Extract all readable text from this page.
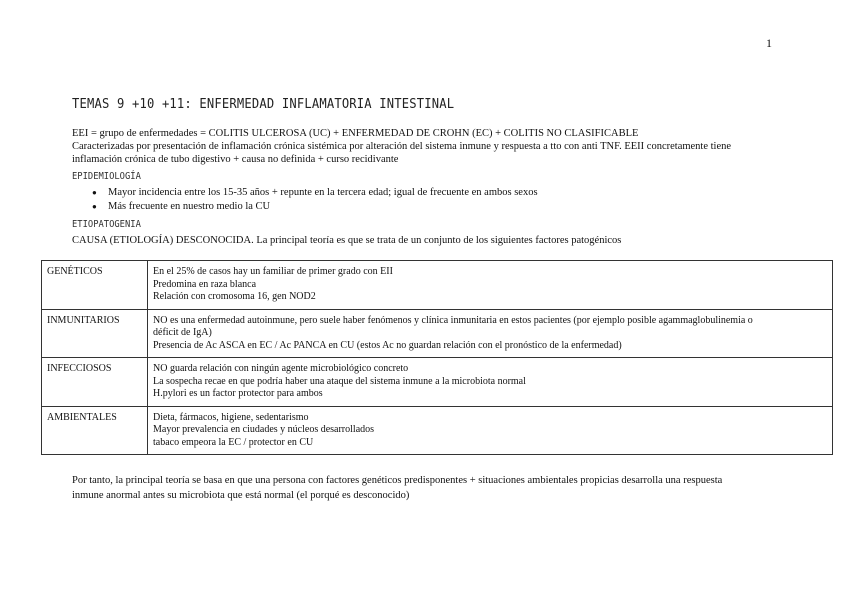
1
TEMAS 9 +10 +11: ENFERMEDAD INFLAMATORIA INTESTINAL

EEI = grupo de enfermedades = COLITIS ULCEROSA (UC) + ENFERMEDAD DE CROHN (EC) + COLITIS NO CLASIFICABLE

Caracterizadas por presentación de inflamación crónica sistémica por alteración del sistema inmune y respuesta a tto con anti TNF. EEII concretamente tiene

inflamación crónica de tubo digestivo + causa no definida + curso recidivante

EPIDEMIOLOGÍA
● Mayor incidencia entre los 15-35 años + repunte en la tercera edad; igual de frecuente en ambos sexos
● Más frecuente en nuestro medio la CU
ETIOPATOGENIA

CAUSA (ETIOLOGÍA) DESCONOCIDA. La principal teoría es que se trata de un conjunto de los siguientes factores patogénicos

GENÉTICOS	En el 25% de casos hay un familiar de primer grado con EII
Predomina en raza blanca
Relación con cromosoma 16, gen NOD2

INMUNITARIOS	NO es una enfermedad autoinmune, pero suele haber fenómenos y clínica inmunitaria en estos pacientes (por ejemplo posible agammaglobulinemia o
déficit de IgA)
Presencia de Ac ASCA en EC / Ac PANCA en CU (estos Ac no guardan relación con el pronóstico de la enfermedad)

INFECCIOSOS	NO guarda relación con ningún agente microbiológico concreto
La sospecha recae en que podría haber una ataque del sistema inmune a la microbiota normal
H.pylori es un factor protector para ambos

AMBIENTALES	Dieta, fármacos, higiene, sedentarismo
Mayor prevalencia en ciudades y núcleos desarrollados
tabaco empeora la EC / protector en CU
Por tanto, la principal teoría se basa en que una persona con factores genéticos predisponentes + situaciones ambientales propicias desarrolla una respuesta
inmune anormal antes su microbiota que está normal (el porqué es desconocido)
